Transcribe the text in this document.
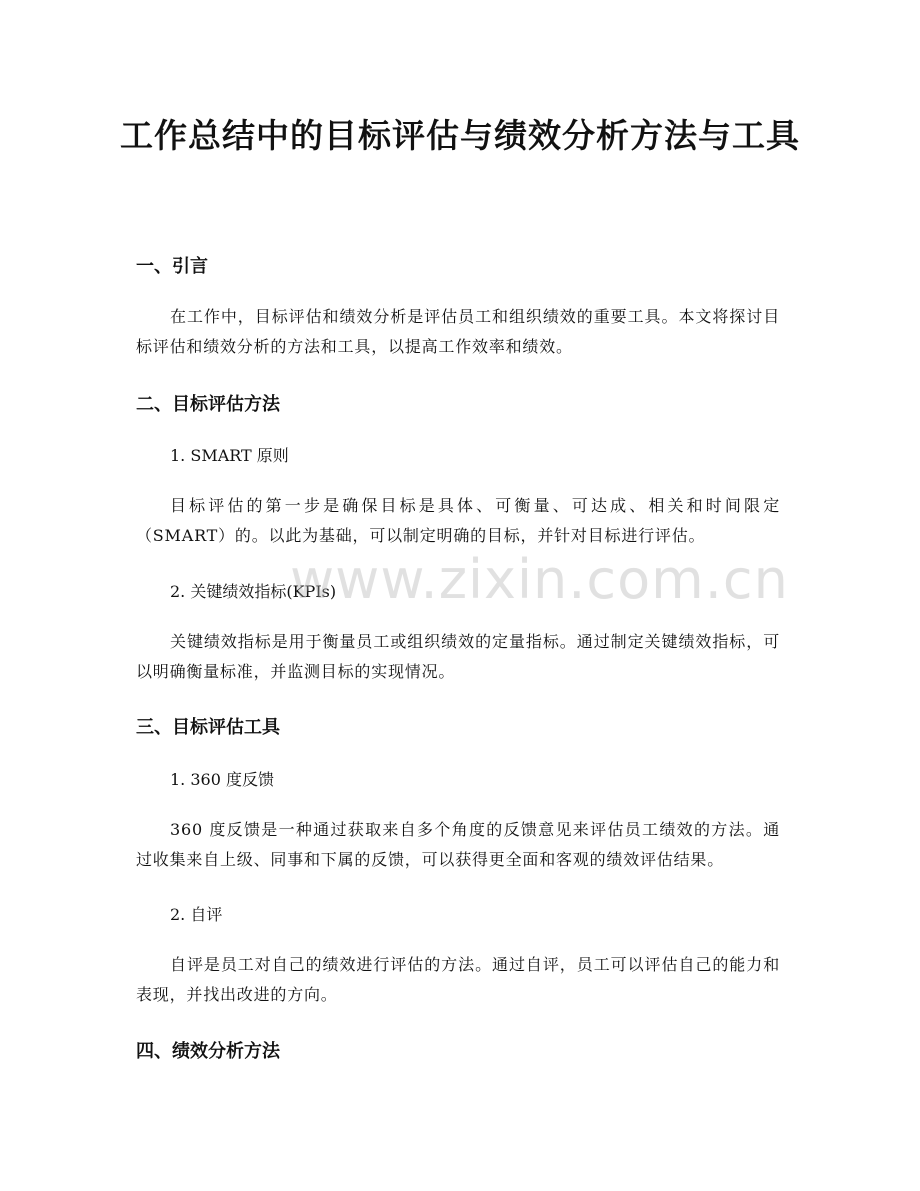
工作总结中的目标评估与绩效分析方法与工具
一、引言

在工作中，目标评估和绩效分析是评估员工和组织绩效的重要工具。本文将探讨目标评估和绩效分析的方法和工具，以提高工作效率和绩效。

二、目标评估方法
1. SMART 原则

目标评估的第一步是确保目标是具体、可衡量、可达成、相关和时间限定（SMART）的。以此为基础，可以制定明确的目标，并针对目标进行评估。

2. 关键绩效指标(KPIs)

关键绩效指标是用于衡量员工或组织绩效的定量指标。通过制定关键绩效指标，可以明确衡量标准，并监测目标的实现情况。

三、目标评估工具
1. 360 度反馈

360 度反馈是一种通过获取来自多个角度的反馈意见来评估员工绩效的方法。通过收集来自上级、同事和下属的反馈，可以获得更全面和客观的绩效评估结果。

2. 自评

自评是员工对自己的绩效进行评估的方法。通过自评，员工可以评估自己的能力和表现，并找出改进的方向。

四、绩效分析方法
www.zixin.com.cn
